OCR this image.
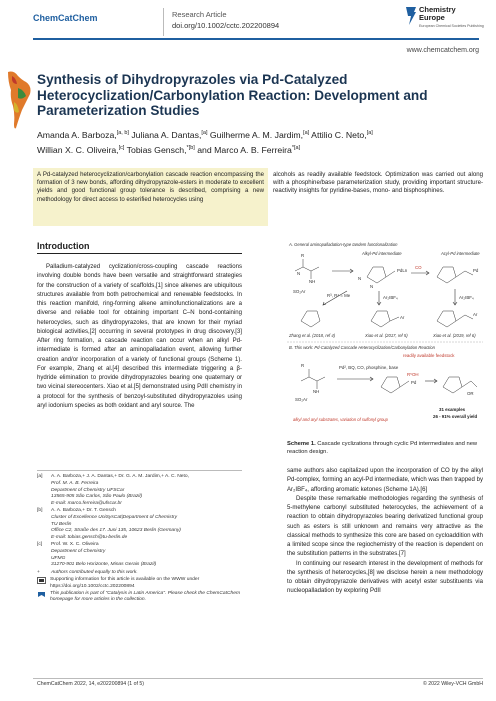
ChemCatChem	Research Article
doi.org/10.1002/cctc.202200894
Chemistry
Europe
European Chemical Societies Publishing
www.chemcatchem.org
Synthesis of Dihydropyrazoles via Pd-Catalyzed Heterocyclization/Carbonylation Reaction: Development and Parameterization Studies
Amanda A. Barboza,[a, b] Juliana A. Dantas,[a] Guilherme A. M. Jardim,[a] Attilio C. Neto,[a]
Willian X. C. Oliveira,[c] Tobias Gensch,$^{*[b]}$ and Marco A. B. Ferreira$^{*[a]}$
A Pd-catalyzed heterocyclization/carbonylation cascade reaction encompassing the formation of 3 new bonds, affording dihydropyrazole-esters in moderate to excellent yields and good functional group tolerance is described, comprising a new methodology for direct access to esterified heterocycles using
alcohols as readily available feedstock. Optimization was carried out along with a phosphine/base parameterization study, providing important structure-reactivity insights for pyridine-bases, mono- and bisphosphines.
Introduction

Palladium-catalyzed cyclization/cross-coupling cascade reactions involving double bonds have been versatile and straightforward strategies for the construction of a variety of scaffolds,[1] since alkenes are ubiquitous structures available from both petrochemical and renewable feedstocks. In this reaction manifold, ring-forming alkene aminofunctionalizations are a diverse and reliable tool for obtaining important C–N bond-containing heterocycles, such as dihydropyrazoles, that are known for their myriad biological activities,[2] occurring in several prototypes in drug discovery.[3] After ring formation, a cascade reaction can occur when an alkyl Pd-intermediate is formed after an aminopalladation event, allowing further creation and/or incorporation of a variety of functional groups (Scheme 1). For example, Zhang et al.[4] described this intermediate triggering a β-hydride elimination to provide dihydropyrazoles bearing one quaternary or two vicinal stereocenters. Xiao et al.[5] demonstrated using PdII chemistry in a protocol for the synthesis of benzoyl-substituted dihydropyrazoles using aryl iodonium species as both oxidant and aryl source. The

[a]	A. A. Barboza,+ J. A. Dantas,+ Dr. G. A. M. Jardim,+ A. C. Neto,
Prof. M. A. B. Ferreira
Department of Chemistry UFSCar
13565-905 São Carlos, São Paulo (Brazil)
E-mail: marco.ferreira@ufscar.br
[b]	A. A. Barboza,+ Dr. T. Gensch
Cluster of Excellence UniSysCat|Department of Chemistry
TU Berlin
Office C2, Straße des 17. Juni 135, 10623 Berlin (Germany)
E-mail: tobias.gensch@tu-berlin.de
[c]	Prof. W. X. C. Oliveira
Department of Chemistry
UFMG
31270-901 Belo Horizonte, Minas Gerais (Brazil)
+	Authors contributed equally to this work.
Supporting information for this article is available on the WWW under https://doi.org/10.1002/cctc.202200894
This publication is part of "Catalysis in Latin America". Please check the ChemCatChem homepage for more articles in the collection.
A. General aminopalladation-type tandem functionalization
R
NH
SO₂Ar
N
Alkyl-Pd intermediate
PdLn
N
N
Acyl-Pd intermediate
CO
Pd
Ar₂IBF₄	Ar₂IBF₄
R³, R⁴ = Me
Ar
Ar
Zhang et al. (2018, ref 4)	Xiao et al. (2017, ref 5)	Xiao et al. (2019, ref 6)
B. This work: Pd-Catalyzed Cascade Heterocyclization/Carbonylation Reaction
readily available feedstock
R⁵OH
R
NH
SO₂Ar
Pd², BQ, CO, phosphine, base
Pd
OR
31 examples
26 - 91% overall yield
alkyl and aryl substrates, variation of sulfonyl group
Scheme 1. Cascade cyclizations through cyclic Pd intermediates and new reaction design.

same authors also capitalized upon the incorporation of CO by the alkyl Pd-complex, forming an acyl-Pd intermediate, which was then trapped by Ar₂IBF₄, affording aromatic ketones (Scheme 1A).[6]

Despite these remarkable methodologies regarding the synthesis of 5-methylene carbonyl substituted heterocycles, the achievement of a reaction to obtain dihydropyrazoles bearing derivatized functional group such as esters is still unknown and remains very attractive as the classical methods to synthesize this core are based on cycloaddition with a limited scope since the regiochemistry of the reaction is dependent on the substitution patterns in the substrates.[7]

In continuing our research interest in the development of methods for the synthesis of heterocycles,[8] we disclose herein a new methodology to obtain dihydropyrazole derivatives with acetyl ester substituents via nucleopalladation by exploring PdII

ChemCatChem 2022, 14, e202200894 (1 of 5)	© 2022 Wiley-VCH GmbH
